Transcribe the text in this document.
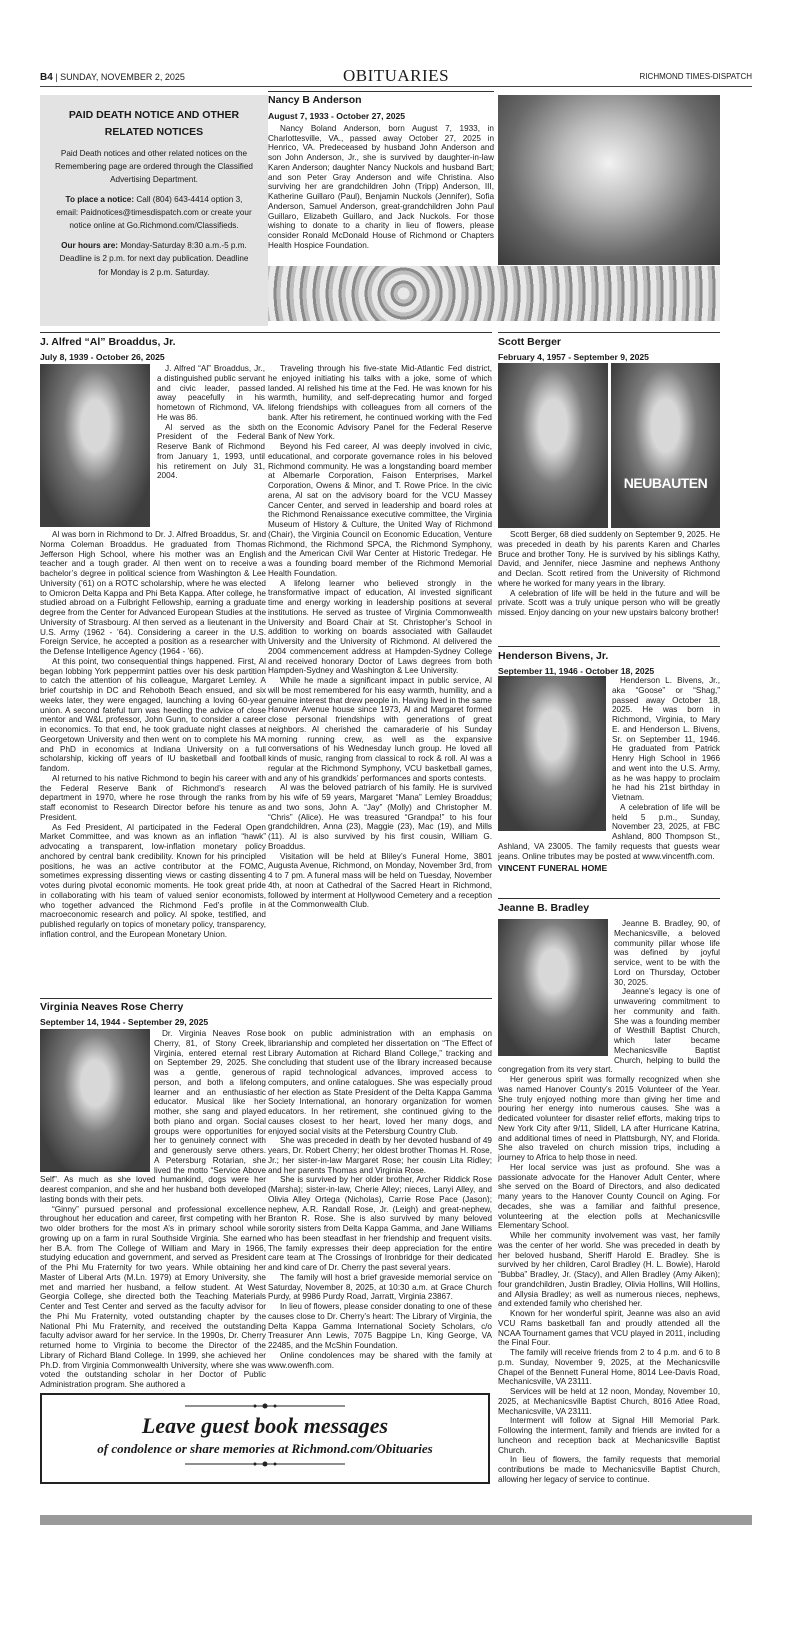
B4 | SUNDAY, NOVEMBER 2, 2025	OBITUARIES	RICHMOND TIMES-DISPATCH
PAID DEATH NOTICE AND OTHER RELATED NOTICES

Paid Death notices and other related notices on the Remembering page are ordered through the Classified Advertising Department.

To place a notice: Call (804) 643-4414 option 3, email: Paidnotices@timesdispatch.com or create your notice online at Go.Richmond.com/Classifieds.

Our hours are: Monday-Saturday 8:30 a.m.-5 p.m. Deadline is 2 p.m. for next day publication. Deadline for Monday is 2 p.m. Saturday.

Nancy B Anderson
August 7, 1933 - October 27, 2025

Nancy Boland Anderson, born August 7, 1933, in Charlottesville, VA., passed away October 27, 2025 in Henrico, VA. Predeceased by husband John Anderson and son John Anderson, Jr., she is survived by daughter-in-law Karen Anderson; daughter Nancy Nuckols and husband Bart; and son Peter Gray Anderson and wife Christina. Also surviving her are grandchildren John (Tripp) Anderson, III, Katherine Guillaro (Paul), Benjamin Nuckols (Jennifer), Sofia Anderson, Samuel Anderson, great-grandchildren John Paul Guillaro, Elizabeth Guillaro, and Jack Nuckols. For those wishing to donate to a charity in lieu of flowers, please consider Ronald McDonald House of Richmond or Chapters Health Hospice Foundation.

J. Alfred “Al” Broaddus, Jr.
July 8, 1939 - October 26, 2025

J. Alfred “Al” Broaddus, Jr., a distinguished public servant and civic leader, passed away peacefully in his hometown of Richmond, VA. He was 86.

Al served as the sixth President of the Federal Reserve Bank of Richmond from January 1, 1993, until his retirement on July 31, 2004.

Al was born in Richmond to Dr. J. Alfred Broaddus, Sr. and Norma Coleman Broaddus. He graduated from Thomas Jefferson High School, where his mother was an English teacher and a tough grader. Al then went on to receive a bachelor’s degree in political science from Washington & Lee University (’61) on a ROTC scholarship, where he was elected to Omicron Delta Kappa and Phi Beta Kappa. After college, he studied abroad on a Fulbright Fellowship, earning a graduate degree from the Center for Advanced European Studies at the University of Strasbourg. Al then served as a lieutenant in the U.S. Army (1962 - ’64). Considering a career in the U.S. Foreign Service, he accepted a position as a researcher with the Defense Intelligence Agency (1964 - ’66).

At this point, two consequential things happened. First, Al began lobbing York peppermint patties over his desk partition to catch the attention of his colleague, Margaret Lemley. A brief courtship in DC and Rehoboth Beach ensued, and six weeks later, they were engaged, launching a loving 60-year union. A second fateful turn was heeding the advice of close mentor and W&L professor, John Gunn, to consider a career in economics. To that end, he took graduate night classes at Georgetown University and then went on to complete his MA and PhD in economics at Indiana University on a full scholarship, kicking off years of IU basketball and football fandom.

Al returned to his native Richmond to begin his career with the Federal Reserve Bank of Richmond’s research department in 1970, where he rose through the ranks from staff economist to Research Director before his tenure as President.

As Fed President, Al participated in the Federal Open Market Committee, and was known as an inflation “hawk” advocating a transparent, low-inflation monetary policy anchored by central bank credibility. Known for his principled positions, he was an active contributor at the FOMC, sometimes expressing dissenting views or casting dissenting votes during pivotal economic moments. He took great pride in collaborating with his team of valued senior economists, who together advanced the Richmond Fed’s profile in macroeconomic research and policy. Al spoke, testified, and published regularly on topics of monetary policy, transparency, inflation control, and the European Monetary Union.

Traveling through his five-state Mid-Atlantic Fed district, he enjoyed initiating his talks with a joke, some of which landed. Al relished his time at the Fed. He was known for his warmth, humility, and self-deprecating humor and forged lifelong friendships with colleagues from all corners of the bank. After his retirement, he continued working with the Fed on the Economic Advisory Panel for the Federal Reserve Bank of New York.

Beyond his Fed career, Al was deeply involved in civic, educational, and corporate governance roles in his beloved Richmond community. He was a longstanding board member at Albemarle Corporation, Faison Enterprises, Markel Corporation, Owens & Minor, and T. Rowe Price. In the civic arena, Al sat on the advisory board for the VCU Massey Cancer Center, and served in leadership and board roles at the Richmond Renaissance executive committee, the Virginia Museum of History & Culture, the United Way of Richmond (Chair), the Virginia Council on Economic Education, Venture Richmond, the Richmond SPCA, the Richmond Symphony, and the American Civil War Center at Historic Tredegar. He was a founding board member of the Richmond Memorial Health Foundation.

A lifelong learner who believed strongly in the transformative impact of education, Al invested significant time and energy working in leadership positions at several institutions. He served as trustee of Virginia Commonwealth University and Board Chair at St. Christopher’s School in addition to working on boards associated with Gallaudet University and the University of Richmond. Al delivered the 2004 commencement address at Hampden-Sydney College and received honorary Doctor of Laws degrees from both Hampden-Sydney and Washington & Lee University.

While he made a significant impact in public service, Al will be most remembered for his easy warmth, humility, and a genuine interest that drew people in. Having lived in the same Hanover Avenue house since 1973, Al and Margaret formed close personal friendships with generations of great neighbors. Al cherished the camaraderie of his Sunday morning running crew, as well as the expansive conversations of his Wednesday lunch group. He loved all kinds of music, ranging from classical to rock & roll. Al was a regular at the Richmond Symphony, VCU basketball games, and any of his grandkids’ performances and sports contests.

Al was the beloved patriarch of his family. He is survived by his wife of 59 years, Margaret “Mana” Lemley Broaddus; and two sons, John A. “Jay” (Molly) and Christopher M. “Chris” (Alice). He was treasured “Grandpa!” to his four grandchildren, Anna (23), Maggie (23), Mac (19), and Mills (11). Al is also survived by his first cousin, William G. Broaddus.

Visitation will be held at Bliley’s Funeral Home, 3801 Augusta Avenue, Richmond, on Monday, November 3rd, from 4 to 7 pm. A funeral mass will be held on Tuesday, November 4th, at noon at Cathedral of the Sacred Heart in Richmond, followed by interment at Hollywood Cemetery and a reception at the Commonwealth Club.

Virginia Neaves Rose Cherry
September 14, 1944 - September 29, 2025

Dr. Virginia Neaves Rose Cherry, 81, of Stony Creek, Virginia, entered eternal rest on September 29, 2025. She was a gentle, generous person, and both a lifelong learner and an enthusiastic educator. Musical like her mother, she sang and played both piano and organ. Social groups were opportunities for her to genuinely connect with and generously serve others. A Petersburg Rotarian, she lived the motto “Service Above Self”. As much as she loved humankind, dogs were her dearest companion, and she and her husband both developed lasting bonds with their pets.

“Ginny” pursued personal and professional excellence throughout her education and career, first competing with her two older brothers for the most A’s in primary school while growing up on a farm in rural Southside Virginia. She earned her B.A. from The College of William and Mary in 1966, studying education and government, and served as President of the Phi Mu Fraternity for two years. While obtaining her Master of Liberal Arts (M.Ln. 1979) at Emory University, she met and married her husband, a fellow student. At West Georgia College, she directed both the Teaching Materials Center and Test Center and served as the faculty advisor for the Phi Mu Fraternity, voted outstanding chapter by the National Phi Mu Fraternity, and received the outstanding faculty advisor award for her service. In the 1990s, Dr. Cherry returned home to Virginia to become the Director of the Library of Richard Bland College. In 1999, she achieved her Ph.D. from Virginia Commonwealth University, where she was voted the outstanding scholar in her Doctor of Public Administration program. She authored a

book on public administration with an emphasis on librarianship and completed her dissertation on “The Effect of Library Automation at Richard Bland College,” tracking and concluding that student use of the library increased because of rapid technological advances, improved access to computers, and online catalogues. She was especially proud of her election as State President of the Delta Kappa Gamma Society International, an honorary organization for women educators. In her retirement, she continued giving to the causes closest to her heart, loved her many dogs, and enjoyed social visits at the Petersburg Country Club.

She was preceded in death by her devoted husband of 49 years, Dr. Robert Cherry; her oldest brother Thomas H. Rose, Jr.; her sister-in-law Margaret Rose; her cousin Lita Ridley; and her parents Thomas and Virginia Rose.

She is survived by her older brother, Archer Riddick Rose (Marsha); sister-in-law, Cherie Alley; nieces, Lanyi Alley, and Olivia Alley Ortega (Nicholas), Carrie Rose Pace (Jason); nephew, A.R. Randall Rose, Jr. (Leigh) and great-nephew, Branton R. Rose. She is also survived by many beloved sorority sisters from Delta Kappa Gamma, and Jane Williams who has been steadfast in her friendship and frequent visits. The family expresses their deep appreciation for the entire care team at The Crossings of Ironbridge for their dedicated and kind care of Dr. Cherry the past several years.

The family will host a brief graveside memorial service on Saturday, November 8, 2025, at 10:30 a.m. at Grace Church Purdy, at 9986 Purdy Road, Jarratt, Virginia 23867.

In lieu of flowers, please consider donating to one of these causes close to Dr. Cherry’s heart: The Library of Virginia, the Delta Kappa Gamma International Society Scholars, c/o Treasurer Ann Lewis, 7075 Bagpipe Ln, King George, VA 22485, and the McShin Foundation.

Online condolences may be shared with the family at www.owenfh.com.

Leave guest book messages
of condolence or share memories at Richmond.com/Obituaries
Scott Berger
February 4, 1957 - September 9, 2025
NEUBAUTEN

Scott Berger, 68 died suddenly on September 9, 2025. He was preceded in death by his parents Karen and Charles Bruce and brother Tony. He is survived by his siblings Kathy, David, and Jennifer, niece Jasmine and nephews Anthony and Declan. Scott retired from the University of Richmond where he worked for many years in the library.

A celebration of life will be held in the future and will be private. Scott was a truly unique person who will be greatly missed. Enjoy dancing on your new upstairs balcony brother!

Henderson Bivens, Jr.
September 11, 1946 - October 18, 2025

Henderson L. Bivens, Jr., aka “Goose” or “Shag,” passed away October 18, 2025. He was born in Richmond, Virginia, to Mary E. and Henderson L. Bivens, Sr. on September 11, 1946. He graduated from Patrick Henry High School in 1966 and went into the U.S. Army, as he was happy to proclaim he had his 21st birthday in Vietnam.

A celebration of life will be held 5 p.m., Sunday, November 23, 2025, at FBC Ashland, 800 Thompson St., Ashland, VA 23005. The family requests that guests wear jeans. Online tributes may be posted at www.vincentfh.com.

VINCENT FUNERAL HOME
Jeanne B. Bradley

Jeanne B. Bradley, 90, of Mechanicsville, a beloved community pillar whose life was defined by joyful service, went to be with the Lord on Thursday, October 30, 2025.

Jeanne’s legacy is one of unwavering commitment to her community and faith. She was a founding member of Westhill Baptist Church, which later became Mechanicsville Baptist Church, helping to build the congregation from its very start.

Her generous spirit was formally recognized when she was named Hanover County’s 2015 Volunteer of the Year. She truly enjoyed nothing more than giving her time and pouring her energy into numerous causes. She was a dedicated volunteer for disaster relief efforts, making trips to New York City after 9/11, Slidell, LA after Hurricane Katrina, and additional times of need in Plattsburgh, NY, and Florida. She also traveled on church mission trips, including a journey to Africa to help those in need.

Her local service was just as profound. She was a passionate advocate for the Hanover Adult Center, where she served on the Board of Directors, and also dedicated many years to the Hanover County Council on Aging. For decades, she was a familiar and faithful presence, volunteering at the election polls at Mechanicsville Elementary School.

While her community involvement was vast, her family was the center of her world. She was preceded in death by her beloved husband, Sheriff Harold E. Bradley. She is survived by her children, Carol Bradley (H. L. Bowie), Harold “Bubba” Bradley, Jr. (Stacy), and Allen Bradley (Amy Aiken); four grandchildren, Justin Bradley, Olivia Hollins, Will Hollins, and Allysia Bradley; as well as numerous nieces, nephews, and extended family who cherished her.

Known for her wonderful spirit, Jeanne was also an avid VCU Rams basketball fan and proudly attended all the NCAA Tournament games that VCU played in 2011, including the Final Four.

The family will receive friends from 2 to 4 p.m. and 6 to 8 p.m. Sunday, November 9, 2025, at the Mechanicsville Chapel of the Bennett Funeral Home, 8014 Lee-Davis Road, Mechanicsville, VA 23111.

Services will be held at 12 noon, Monday, November 10, 2025, at Mechanicsville Baptist Church, 8016 Atlee Road, Mechanicsville, VA 23111.

Interment will follow at Signal Hill Memorial Park. Following the interment, family and friends are invited for a luncheon and reception back at Mechanicsville Baptist Church.

In lieu of flowers, the family requests that memorial contributions be made to Mechanicsville Baptist Church, allowing her legacy of service to continue.
